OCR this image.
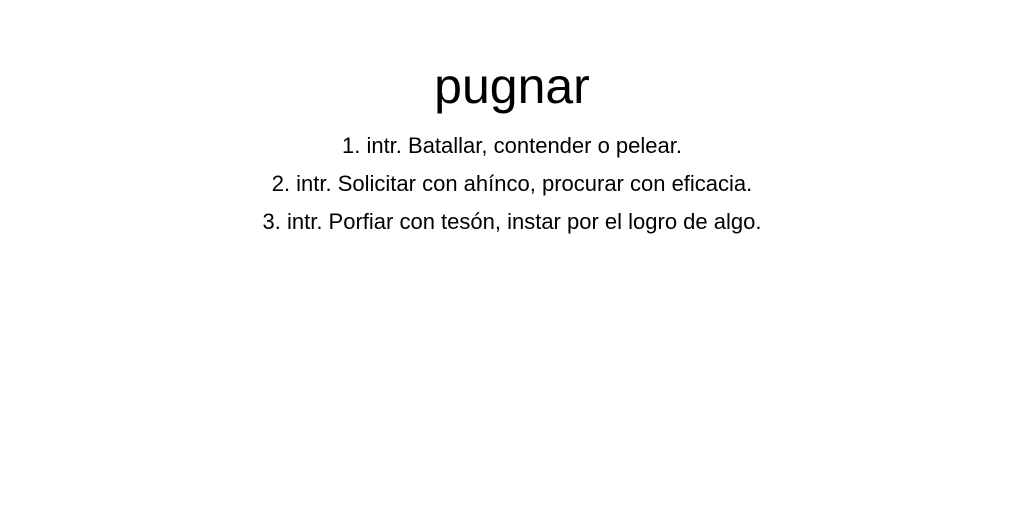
pugnar
1. intr. Batallar, contender o pelear.
2. intr. Solicitar con ahínco, procurar con eficacia.
3. intr. Porfiar con tesón, instar por el logro de algo.
